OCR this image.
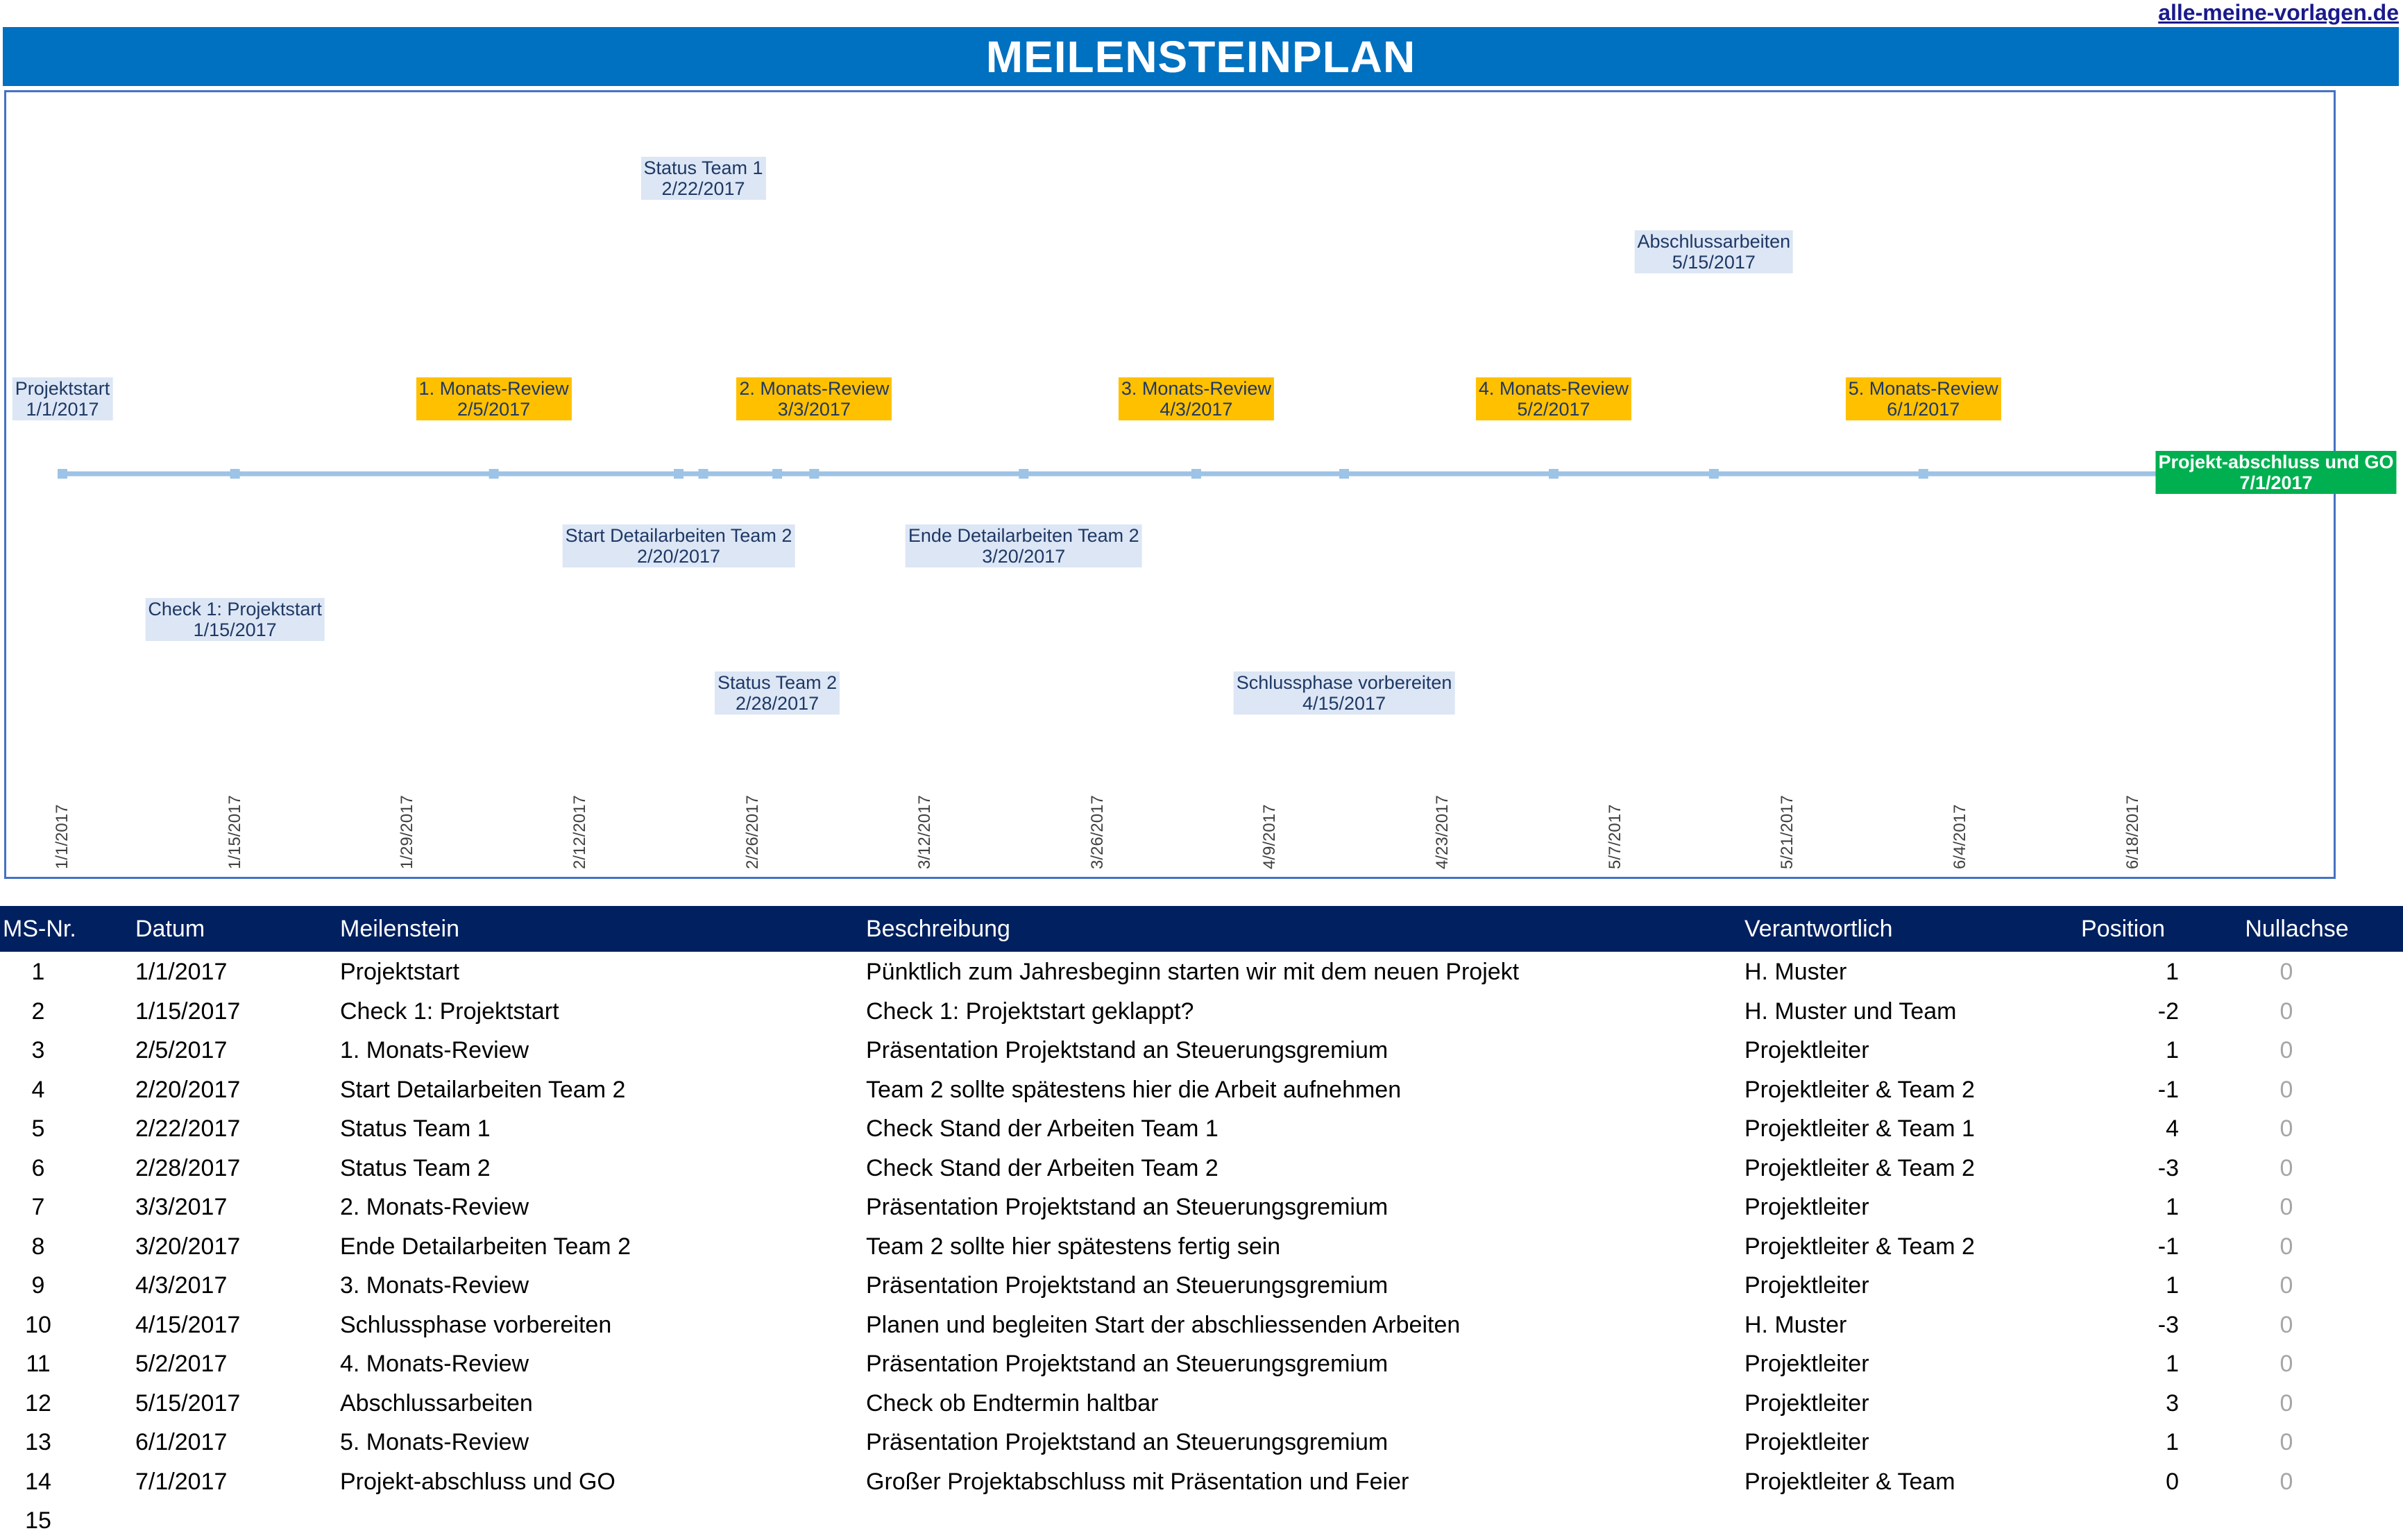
alle-meine-vorlagen.de
MEILENSTEINPLAN
Projektstart
1/1/2017
Check 1: Projektstart
1/15/2017
1. Monats-Review
2/5/2017
Start Detailarbeiten Team 2
2/20/2017
Status Team 1
2/22/2017
Status Team 2
2/28/2017
2. Monats-Review
3/3/2017
Ende Detailarbeiten Team 2
3/20/2017
3. Monats-Review
4/3/2017
Schlussphase vorbereiten
4/15/2017
4. Monats-Review
5/2/2017
Abschlussarbeiten
5/15/2017
5. Monats-Review
6/1/2017
Projekt-abschluss und GO
7/1/2017
1/1/2017	1/15/2017	1/29/2017	2/12/2017	2/26/2017	3/12/2017	3/26/2017	4/9/2017	4/23/2017	5/7/2017	5/21/2017	6/4/2017	6/18/2017
MS-Nr.	Datum	Meilenstein	Beschreibung	Verantwortlich	Position	Nullachse
1	1/1/2017	Projektstart	Pünktlich zum Jahresbeginn starten wir mit dem neuen Projekt	H. Muster	1	0
2	1/15/2017	Check 1: Projektstart	Check 1: Projektstart geklappt?	H. Muster und Team	-2	0
3	2/5/2017	1. Monats-Review	Präsentation Projektstand an Steuerungsgremium	Projektleiter	1	0
4	2/20/2017	Start Detailarbeiten Team 2	Team 2 sollte spätestens hier die Arbeit aufnehmen	Projektleiter & Team 2	-1	0
5	2/22/2017	Status Team 1	Check Stand der Arbeiten Team 1	Projektleiter & Team 1	4	0
6	2/28/2017	Status Team 2	Check Stand der Arbeiten Team 2	Projektleiter & Team 2	-3	0
7	3/3/2017	2. Monats-Review	Präsentation Projektstand an Steuerungsgremium	Projektleiter	1	0
8	3/20/2017	Ende Detailarbeiten Team 2	Team 2 sollte hier spätestens fertig sein	Projektleiter & Team 2	-1	0
9	4/3/2017	3. Monats-Review	Präsentation Projektstand an Steuerungsgremium	Projektleiter	1	0
10	4/15/2017	Schlussphase vorbereiten	Planen und begleiten Start der abschliessenden Arbeiten	H. Muster	-3	0
11	5/2/2017	4. Monats-Review	Präsentation Projektstand an Steuerungsgremium	Projektleiter	1	0
12	5/15/2017	Abschlussarbeiten	Check ob Endtermin haltbar	Projektleiter	3	0
13	6/1/2017	5. Monats-Review	Präsentation Projektstand an Steuerungsgremium	Projektleiter	1	0
14	7/1/2017	Projekt-abschluss und GO	Großer Projektabschluss mit Präsentation und Feier	Projektleiter & Team	0	0
15
